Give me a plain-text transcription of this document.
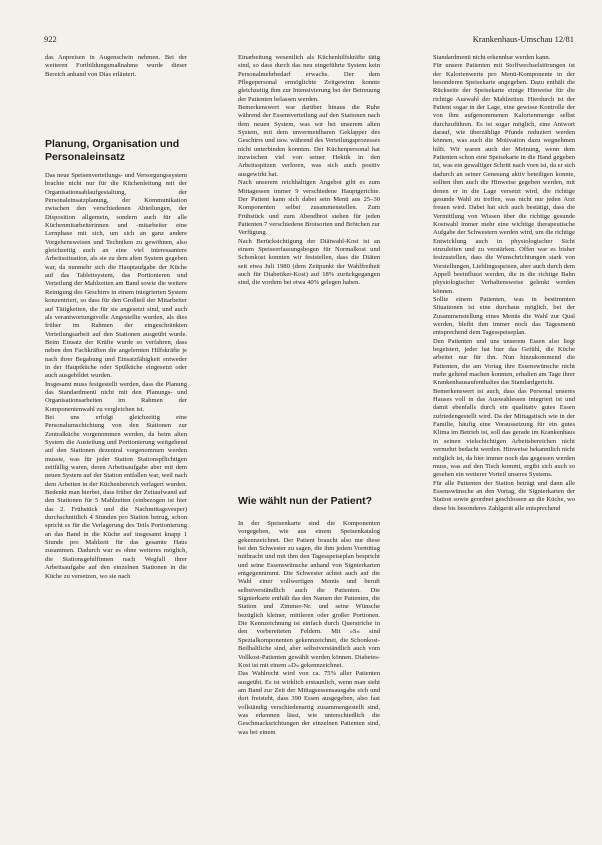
922	Krankenhaus-Umschau 12/81

das Anpreisen in Augenschein nehmen. Bei der weiteren Fortbildungsmaßnahme wurde dieser Bereich anhand von Dias erläutert.

Planung, Organisation und Personaleinsatz

Das neue Speisenverteilungs- und Versorgungssystem brachte nicht nur für die Küchenleitung mit der Organisationsablaufgestaltung, der Personaleinsatzplanung, der Kommunikation zwischen den verschiedenen Abteilungen, der Disposition allgemein, sondern auch für alle Küchenmitarbeiterinnen und -mitarbeiter eine Lernphase mit sich, um sich an ganz andere Vorgehensweisen und Techniken zu gewöhnen, also gleichzeitig auch an eine viel interessantere Arbeitssituation, als sie zu dem alten System gegeben war, da nunmehr sich die Hauptaufgabe der Küche auf das Tablettsystem, das Portionieren und Verteilung der Mahlzeiten am Band sowie die weitere Reinigung des Geschirrs in einem integrierten System konzentriert, so dass für den Großteil der Mitarbeiter auf Tätigkeiten, die für sie angesetzt sind, und auch als verantwortungsvolle Angestellte wurden, als dies früher im Rahmen der eingeschränkten Verteilungsarbeit auf den Stationen ausgeübt wurde. Beim Einsatz der Kräfte wurde so verfahren, dass neben den Fachkräften die angelernten Hilfskräfte je nach ihrer Begabung und Einsatzfähigkeit entweder in der Hauptküche oder Spülküche eingesetzt oder auch ausgebildet wurden.

Insgesamt muss festgestellt werden, dass die Planung das Standardmenü nicht mit den Planungs- und Organisationsarbeiten im Rahmen der Komponentenwahl zu vergleichen ist.

Bei uns erfolgt gleichzeitig eine Personalumschichtung von den Stationen zur Zentralküche vorgenommen werden, da beim alten System die Austeilung und Portionierung weitgehend auf den Stationen dezentral vorgenommen werden musste, was für jeder Station Stationspflichtigen zeitfällig waren, deren Arbeitsaufgabe aber mit dem neuen System auf der Station entfallen war, weil nach dem Arbeiten in der Küchenbereich verlagert wurden. Bedenkt man hierbei, dass früher der Zeitaufwand auf den Stationen für 5 Mahlzeiten (einbezogen ist hier das 2. Frühstück und die Nachmittagsvesper) durchschnittlich 4 Stunden pro Station betrug, schon spricht es für die Verlagerung des Teils Portionierung an das Band in die Küche auf insgesamt knapp 1 Stunde pro Mahlzeit für das gesamte Haus zusammen. Dadurch war es ohne weiteres möglich, die Stationsgehilfinnen nach Wegfall ihrer Arbeitsaufgabe auf den einzelnen Stationen in die Küche zu versetzen, wo sie nach

Einarbeitung wesentlich als Küchenhilfskräfte tätig sind, so dass durch das neu eingeführte System kein Personalmehrbedarf erwachs. Der dem Pflegepersonal ermöglichte Zeitgewinn konnte gleichzeitig ihm zur Intensivierung bei der Betreuung der Patienten belassen werden.

Bemerkenswert war darüber hinaus die Ruhe während der Essensverteilung auf den Stationen nach dem neuen System, was wir bei unserem alten System, mit dem unvermeidbaren Geklapper des Geschirrs und usw. während des Verteilungsprozesses nicht unterbinden konnten. Der Küchenpersonal hat inzwischen viel von seiner Hektik in den Arbeitsspitzen verloren, was sich auch positiv ausgewirkt hat.

Nach unserem reichhaltigen Angebot gibt es zum Mittagessen immer 9 verschiedene Hauptgerichte. Der Patient kann sich dabei sein Menü aus 25–30 Komponenten selbst zusammenstellen. Zum Frühstück und zum Abendbrot stehen für jeden Patienten 7 verschiedene Brotsorten und Brötchen zur Verfügung.

Nach Berücksichtigung der Diätwahl-Kost ist an einem Speiseerfassungsbogen für Normalkost und Schonkost konnten wir feststellen, dass die Diäten seit etwa Juli 1980 (dem Zeitpunkt der Wahlfreiheit auch für Diabetiker-Kost) auf 18% zurückgegangen sind, die vordem bei etwa 40% gelegen haben.

Wie wählt nun der Patient?

In der Speisenkarte sind die Komponenten vorgegeben, wie aus einem Speisenkatalog gekennzeichnet. Der Patient braucht also nur diese bei den Schwester zu sagen, die ihm jedem Vormittag mitbracht und mit ihm den Tagesspeiseplan bespricht und seine Essenswünsche anhand von Signierkarten entgegennimmt. Die Schwester achtet auch auf die Wahl einer vollwertigen Menüs und beruft selbstverständlich auch die Patienten. Die Signierkarte enthält das den Namen der Patienten, die Station und Zimmer-Nr. und seine Wünsche bezüglich kleiner, mittleren oder großer Portionen. Die Kennzeichnung ist einfach durch Querstriche in den vorbereiteten Feldern. Mit »S« sind Spezialkomponenten gekennzeichnet, die Schonkost-Beilhaltliche sind, aber selbstverständlich auch vom Vollkost-Patienten gewählt werden können. Diabetes-Kost ist mit einem »D« gekennzeichnet.

Das Wahlrecht wird von ca. 75% aller Patienten ausgeübt. Es ist wirklich erstaunlich, wenn man sieht am Band zur Zeit der Mittagsessensausgabe sich und dort freisteht, dass 390 Essen ausgegeben, also fast vollständig verschiedenartig zusammengestellt sind, was erkennen lässt, wie unterschiedlich die Geschmacksrichtungen der einzelnen Patienten sind, was bei einem

Standardmenü nicht erkennbar werden kann.

Für unsere Patienten mit Stoffwechselstörungen ist der Kalorienwerte pro Menü-Komponente in der besonderen Speisekarte angegeben. Dazu enthält die Rückseite der Speisekarte einige Hinweise für die richtige Auswahl der Mahlzeiten. Hierdurch ist der Patient sogar in der Lage, eine gewisse Kontrolle der von ihm aufgenommenen Kalorienmenge selbst durchzuführen. Es ist sogar möglich, eine Antwort darauf, wie überzählige Pfunde reduziert werden können, was auch die Motivation dazu wegnehmen hilft. Wir waren auch der Meinung, wenn dem Patienten schon eine Speisekarte in die Hand gegeben ist, was ein gewaltiger Schritt nach vorn ist, da er sich dadurch an seiner Genesung aktiv beteiligen konnte, sollten ihm auch die Hinweise gegeben werden, mit denen er in die Lage versetzt wird, die richtige gesunde Wahl zu treffen, was nicht nur jeden Arzt freuen wird. Dabei hat sich auch bestätigt, dass die Vermittlung von Wissen über die richtige gesunde Kostwahl immer mehr eine wichtige therapeutische Aufgabe der Schwestern werden wird, um die richtige Entwicklung auch in physiologischer Sicht einzuleiten und zu verstärken. Offen war es bisher festzustellen, dass die Wunschrichtungen stark von Vorstellungen, Lieblingsspeisen, aber auch durch dem Appell beeinflusst werden, die in die richtige Bahn physiologischer Verhaltensweise gelenkt werden können.

Sollte einem Patienten, was in bestimmten Situationen ist eine durchaus möglich, bei der Zusammenstellung eines Menüs die Wahl zur Qual werden, bleibt ihm immer noch das Tagesmenü entsprechend dem Tagesspeiseplan.

Den Patienten und uns unserem Essen also liegt begeistert, jeder hat hier das Gefühl, die Küche arbeitet nur für ihn. Nun hinzukommend die Patienten, die am Vortag ihre Essenswünsche nicht mehr geltend machen konnten, erhalten am Tage ihrer Krankenhausaufenthaltes das Standardgericht.

Bemerkenswert ist auch, dass das Personal unseres Hauses voll in das Auswahlessen integriert ist und damit ebenfalls durch ein qualitativ gutes Essen zufriedengestellt wird. Da der Mittagstisch wie in der Familie, häufig eine Voraussetzung für ein gutes Klima im Betrieb ist, soll das gerade im Krankenhaus in seinen vielschichtigen Arbeitsbereichen nicht vermehrt bedacht werden. Hinweise bekanntlich nicht möglich ist, da hier immer noch das gegessen werden muss, was auf den Tisch kommt, ergibt sich auch so gesehen ein weiterer Vorteil unseres Systems.

Für alle Patienten der Station beträgt und dann alle Essenswünsche an den Vortag, die Signierkarten der Station sowie geordnet geschlossen an die Küche, wo diese bis besonderes Zahlgerät alle entsprechend
